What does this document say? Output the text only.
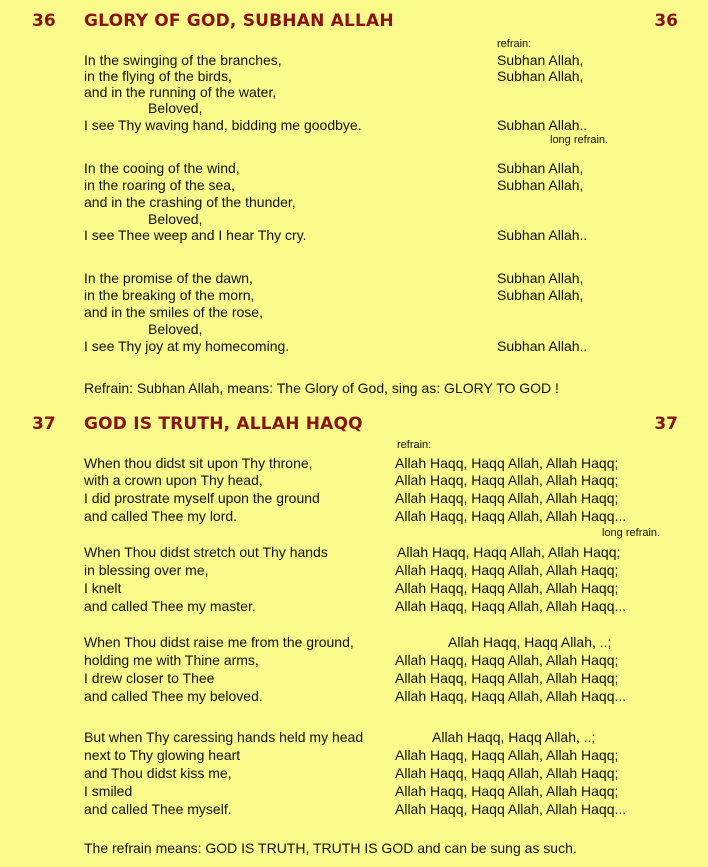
36 GLORY OF GOD, SUBHAN ALLAH	36
refrain:
In the swinging of the branches,
in the flying of the birds,
and in the running of the water,
Beloved,
I see Thy waving hand, bidding me goodbye.
Subhan Allah,
Subhan Allah,
Subhan Allah..
long refrain.
In the cooing of the wind,
in the roaring of the sea,
and in the crashing of the thunder,
Beloved,
I see Thee weep and I hear Thy cry.
Subhan Allah,
Subhan Allah,
Subhan Allah..
In the promise of the dawn,
in the breaking of the morn,
and in the smiles of the rose,
Beloved,
I see Thy joy at my homecoming.
Subhan Allah,
Subhan Allah,
Subhan Allah..
Refrain: Subhan Allah, means: The Glory of God, sing as: GLORY TO GOD !
37 GOD IS TRUTH, ALLAH HAQQ	37
refrain:
When thou didst sit upon Thy throne,
with a crown upon Thy head,
I did prostrate myself upon the ground
and called Thee my lord.
Allah Haqq, Haqq Allah, Allah Haqq;
Allah Haqq, Haqq Allah, Allah Haqq;
Allah Haqq, Haqq Allah, Allah Haqq;
Allah Haqq, Haqq Allah, Allah Haqq...
long refrain.
When Thou didst stretch out Thy hands
in blessing over me,
I knelt
and called Thee my master.
Allah Haqq, Haqq Allah, Allah Haqq;
Allah Haqq, Haqq Allah, Allah Haqq;
Allah Haqq, Haqq Allah, Allah Haqq;
Allah Haqq, Haqq Allah, Allah Haqq...
When Thou didst raise me from the ground,
holding me with Thine arms,
I drew closer to Thee
and called Thee my beloved.
Allah Haqq, Haqq Allah, ..;
Allah Haqq, Haqq Allah, Allah Haqq;
Allah Haqq, Haqq Allah, Allah Haqq;
Allah Haqq, Haqq Allah, Allah Haqq...
But when Thy caressing hands held my head
next to Thy glowing heart
and Thou didst kiss me,
I smiled
and called Thee myself.
Allah Haqq, Haqq Allah, ..;
Allah Haqq, Haqq Allah, Allah Haqq;
Allah Haqq, Haqq Allah, Allah Haqq;
Allah Haqq, Haqq Allah, Allah Haqq;
Allah Haqq, Haqq Allah, Allah Haqq...
The refrain means: GOD IS TRUTH, TRUTH IS GOD and can be sung as such.
